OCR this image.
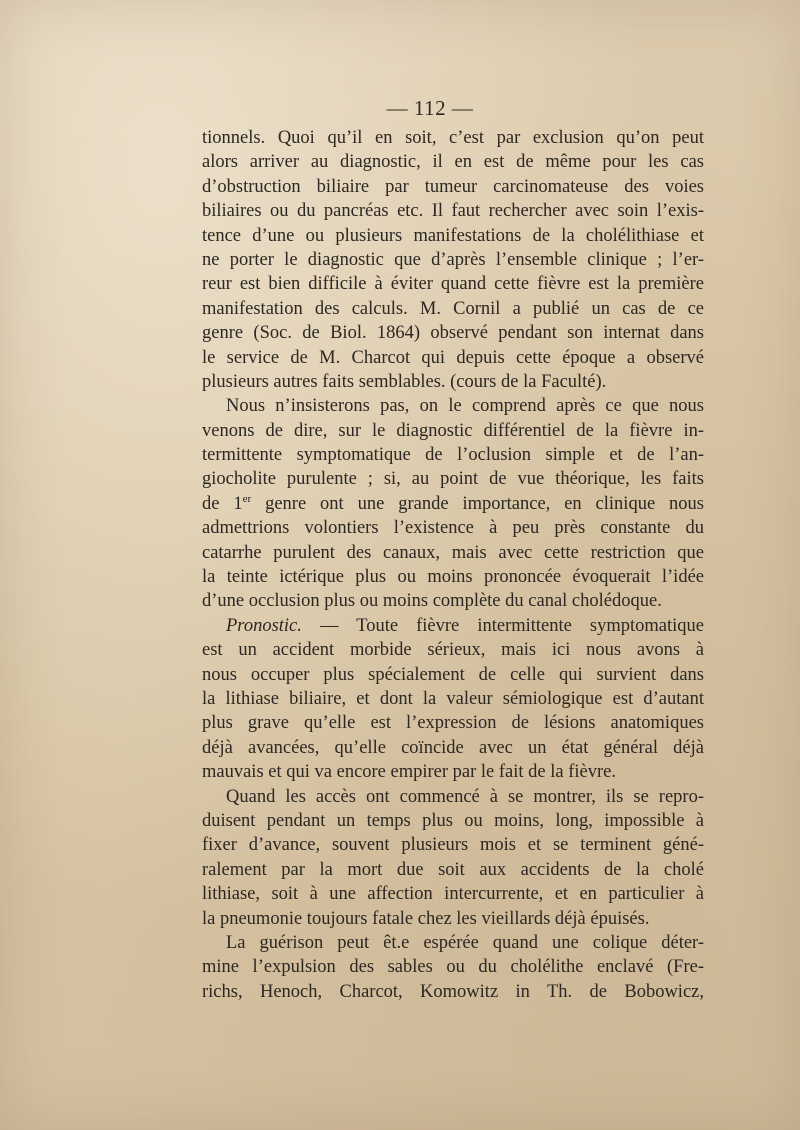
— 112 —
tionnels. Quoi qu’il en soit, c’est par exclusion qu’on peut
alors arriver au diagnostic, il en est de même pour les cas
d’obstruction biliaire par tumeur carcinomateuse des voies
biliaires ou du pancréas etc. Il faut rechercher avec soin l’exis-
tence d’une ou plusieurs manifestations de la cholélithiase et
ne porter le diagnostic que d’après l’ensemble clinique ; l’er-
reur est bien difficile à éviter quand cette fièvre est la première
manifestation des calculs. M. Cornil a publié un cas de ce
genre (Soc. de Biol. 1864) observé pendant son internat dans
le service de M. Charcot qui depuis cette époque a observé
plusieurs autres faits semblables. (cours de la Faculté).
Nous n’insisterons pas, on le comprend après ce que nous
venons de dire, sur le diagnostic différentiel de la fièvre in-
termittente symptomatique de l’oclusion simple et de l’an-
giocholite purulente ; si, au point de vue théorique, les faits
de 1er genre ont une grande importance, en clinique nous
admettrions volontiers l’existence à peu près constante du
catarrhe purulent des canaux, mais avec cette restriction que
la teinte ictérique plus ou moins prononcée évoquerait l’idée
d’une occlusion plus ou moins complète du canal cholédoque.
Pronostic. — Toute fièvre intermittente symptomatique
est un accident morbide sérieux, mais ici nous avons à
nous occuper plus spécialement de celle qui survient dans
la lithiase biliaire, et dont la valeur sémiologique est d’autant
plus grave qu’elle est l’expression de lésions anatomiques
déjà avancées, qu’elle coïncide avec un état général déjà
mauvais et qui va encore empirer par le fait de la fièvre.
Quand les accès ont commencé à se montrer, ils se repro-
duisent pendant un temps plus ou moins, long, impossible à
fixer d’avance, souvent plusieurs mois et se terminent géné-
ralement par la mort due soit aux accidents de la cholé
lithiase, soit à une affection intercurrente, et en particulier à
la pneumonie toujours fatale chez les vieillards déjà épuisés.
La guérison peut êt.e espérée quand une colique déter-
mine l’expulsion des sables ou du cholélithe enclavé (Fre-
richs, Henoch, Charcot, Komowitz in Th. de Bobowicz,
